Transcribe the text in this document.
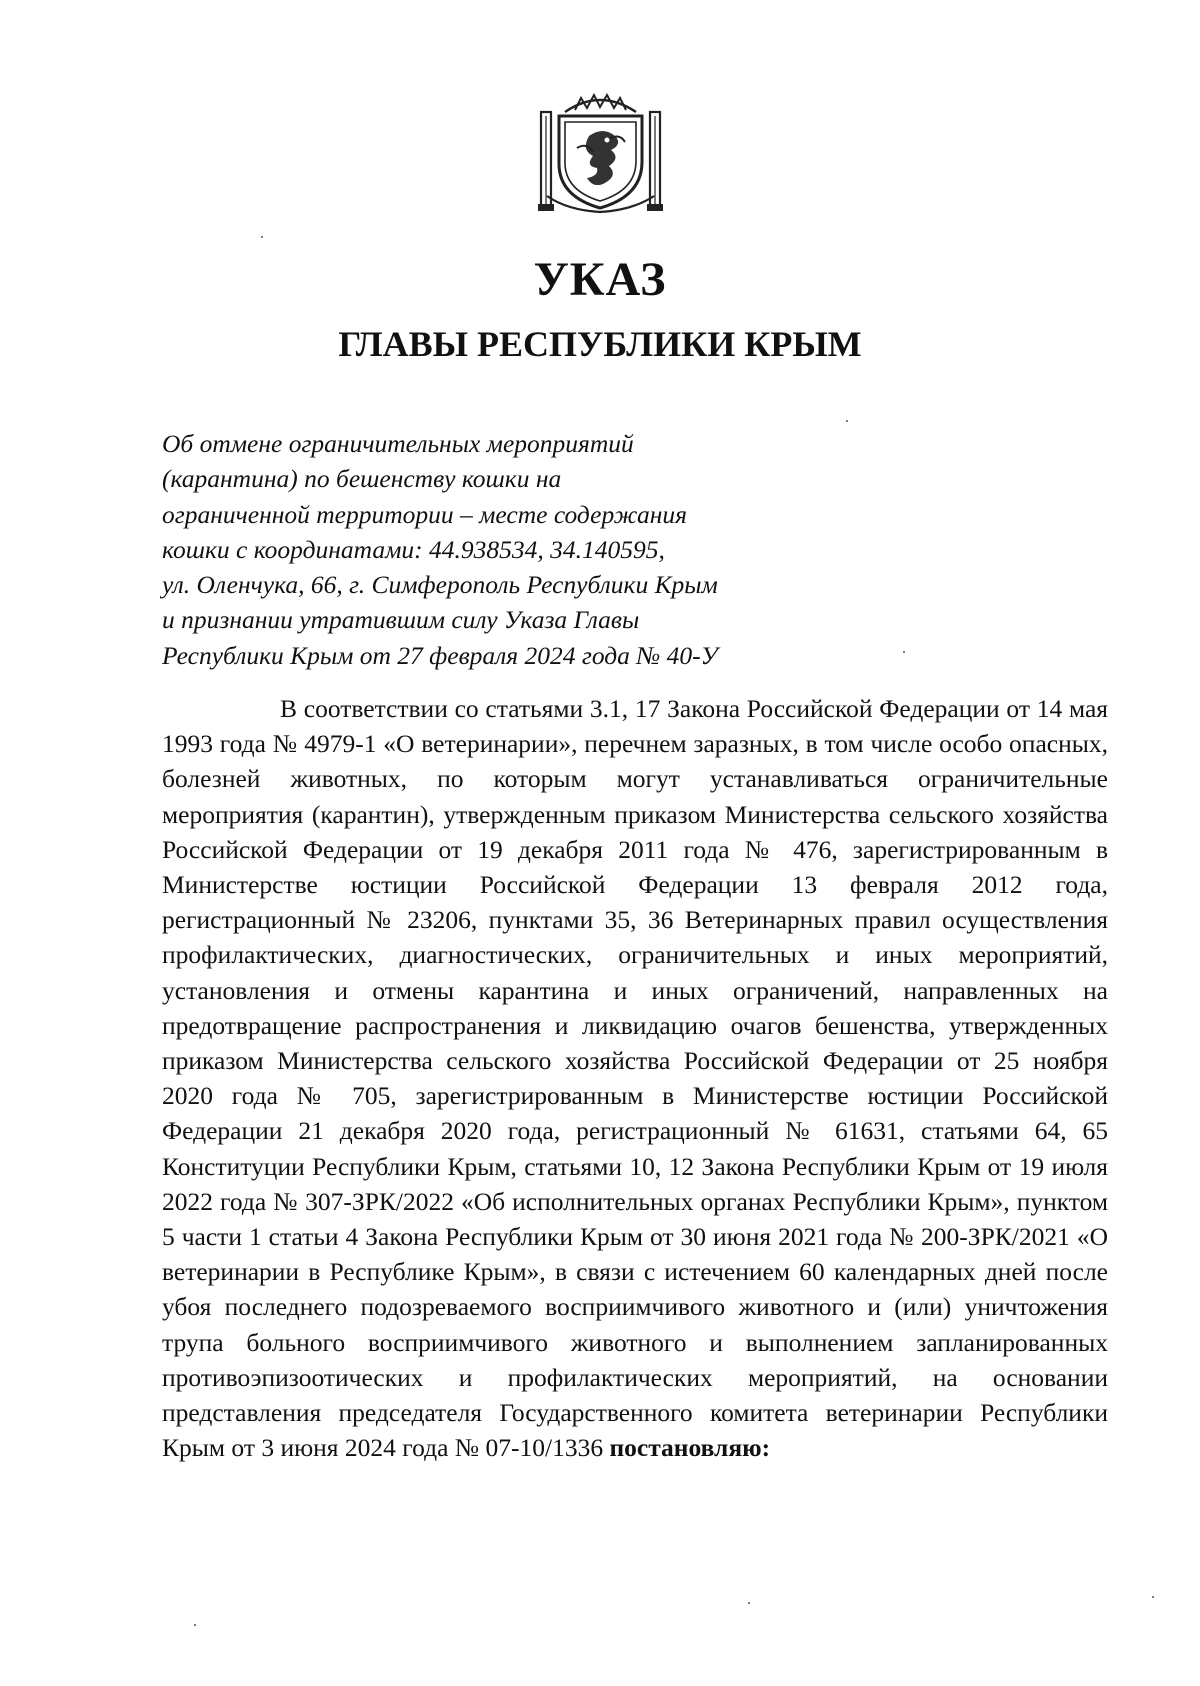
УКАЗ
ГЛАВЫ РЕСПУБЛИКИ КРЫМ
Об отмене ограничительных мероприятий
(карантина) по бешенству кошки на
ограниченной территории – месте содержания
кошки с координатами: 44.938534, 34.140595,
ул. Оленчука, 66, г. Симферополь Республики Крым
и признании утратившим силу Указа Главы
Республики Крым от 27 февраля 2024 года № 40-У

В соответствии со статьями 3.1, 17 Закона Российской Федерации от 14 мая 1993 года № 4979-1 «О ветеринарии», перечнем заразных, в том числе особо опасных, болезней животных, по которым могут устанавливаться ограничительные мероприятия (карантин), утвержденным приказом Министерства сельского хозяйства Российской Федерации от 19 декабря 2011 года № 476, зарегистрированным в Министерстве юстиции Российской Федерации 13 февраля 2012 года, регистрационный № 23206, пунктами 35, 36 Ветеринарных правил осуществления профилактических, диагностических, ограничительных и иных мероприятий, установления и отмены карантина и иных ограничений, направленных на предотвращение распространения и ликвидацию очагов бешенства, утвержденных приказом Министерства сельского хозяйства Российской Федерации от 25 ноября 2020 года № 705, зарегистрированным в Министерстве юстиции Российской Федерации 21 декабря 2020 года, регистрационный № 61631, статьями 64, 65 Конституции Республики Крым, статьями 10, 12 Закона Республики Крым от 19 июля 2022 года № 307-ЗРК/2022 «Об исполнительных органах Республики Крым», пунктом 5 части 1 статьи 4 Закона Республики Крым от 30 июня 2021 года № 200-ЗРК/2021 «О ветеринарии в Республике Крым», в связи с истечением 60 календарных дней после убоя последнего подозреваемого восприимчивого животного и (или) уничтожения трупа больного восприимчивого животного и выполнением запланированных противоэпизоотических и профилактических мероприятий, на основании представления председателя Государственного комитета ветеринарии Республики Крым от 3 июня 2024 года № 07-10/1336 постановляю:
